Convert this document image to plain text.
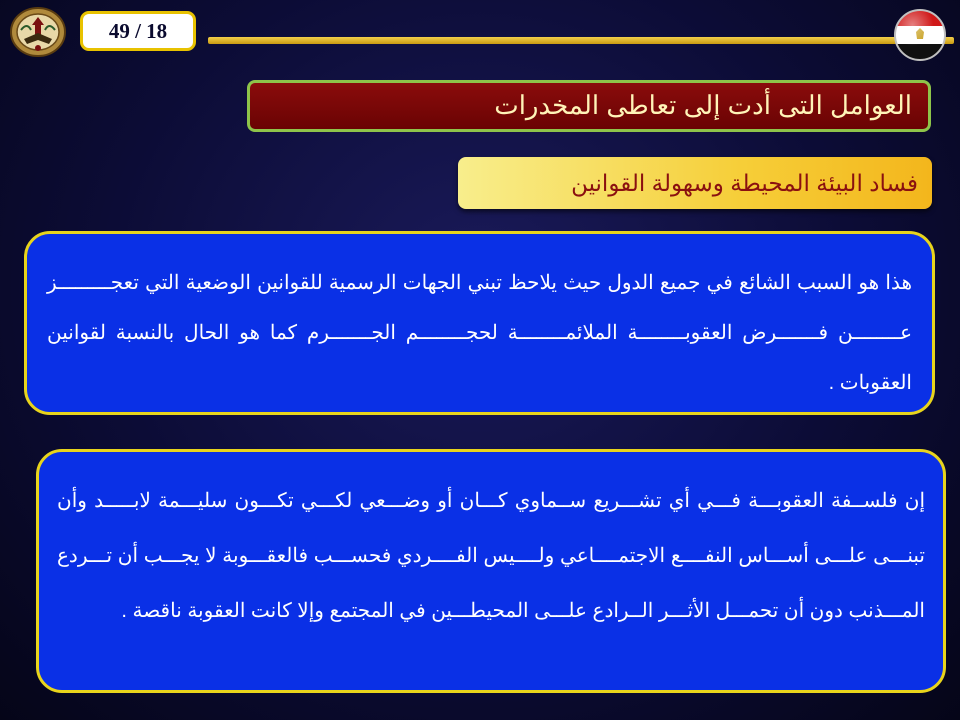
49 / 18
العوامل التى أدت إلى تعاطى المخدرات
فساد البيئة المحيطة وسهولة القوانين

هذا هو السبب الشائع في جميع الدول حيث يلاحظ تبني الجهات الرسمية للقوانين الوضعية التي تعجـــــــــز عــــــــن فـــــــرض العقوبــــــــة الملائمــــــــة لحجــــــــم الجـــــــرم كما هو الحال بالنسبة لقوانين العقوبات .

إن فلســفة العقوبـــة فـــي أي تشـــريع ســماوي كـــان أو وضـــعي لكـــي تكـــون سليـــمة لابـــــد وأن تبنـــى علـــى أســـاس النفــــع الاجتمــــاعي ولــــيس الفــــردي فحســـب فالعقـــوبة لا يجـــب أن تـــردع المـــذنب دون أن تحمـــل الأثـــر الــرادع علـــى المحيطـــين في المجتمع وإلا كانت العقوبة ناقصة .
